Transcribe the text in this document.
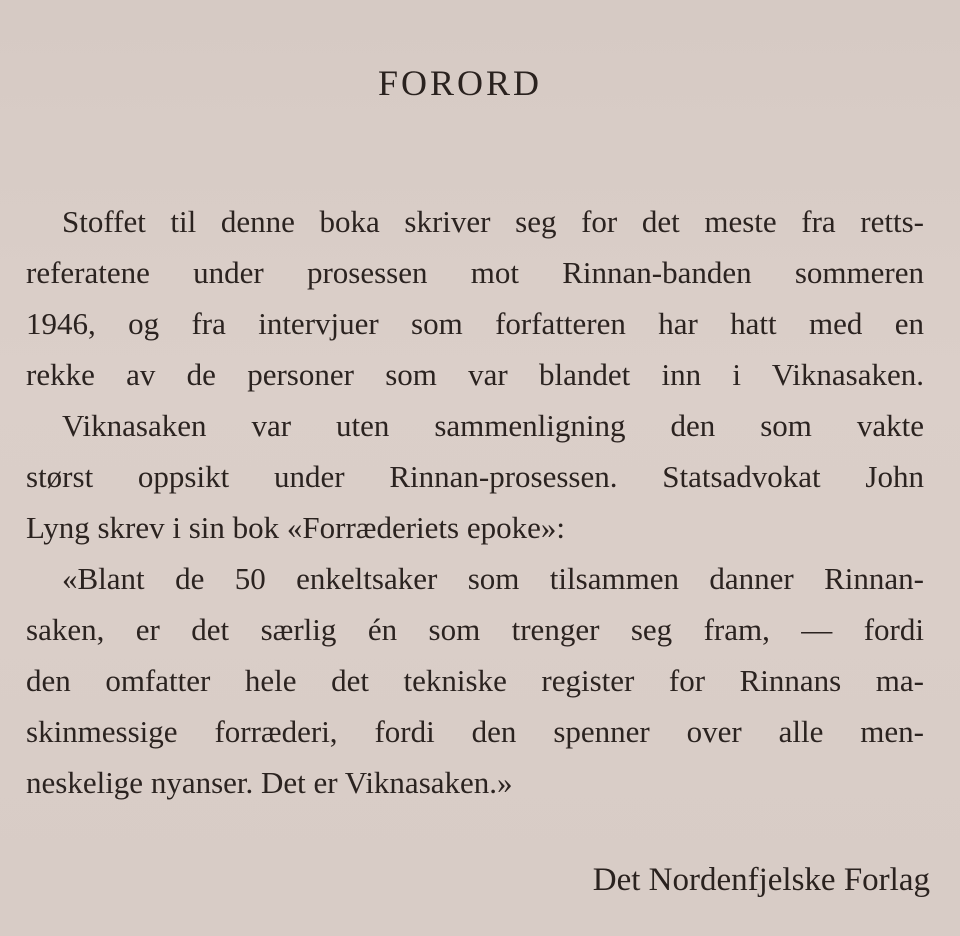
FORORD
Stoffet til denne boka skriver seg for det meste fra retts-
referatene under prosessen mot Rinnan-banden sommeren
1946, og fra intervjuer som forfatteren har hatt med en
rekke av de personer som var blandet inn i Viknasaken.
Viknasaken var uten sammenligning den som vakte
størst oppsikt under Rinnan-prosessen. Statsadvokat John
Lyng skrev i sin bok «Forræderiets epoke»:
«Blant de 50 enkeltsaker som tilsammen danner Rinnan-
saken, er det særlig én som trenger seg fram, — fordi
den omfatter hele det tekniske register for Rinnans ma-
skinmessige forræderi, fordi den spenner over alle men-
neskelige nyanser. Det er Viknasaken.»
Det Nordenfjelske Forlag
